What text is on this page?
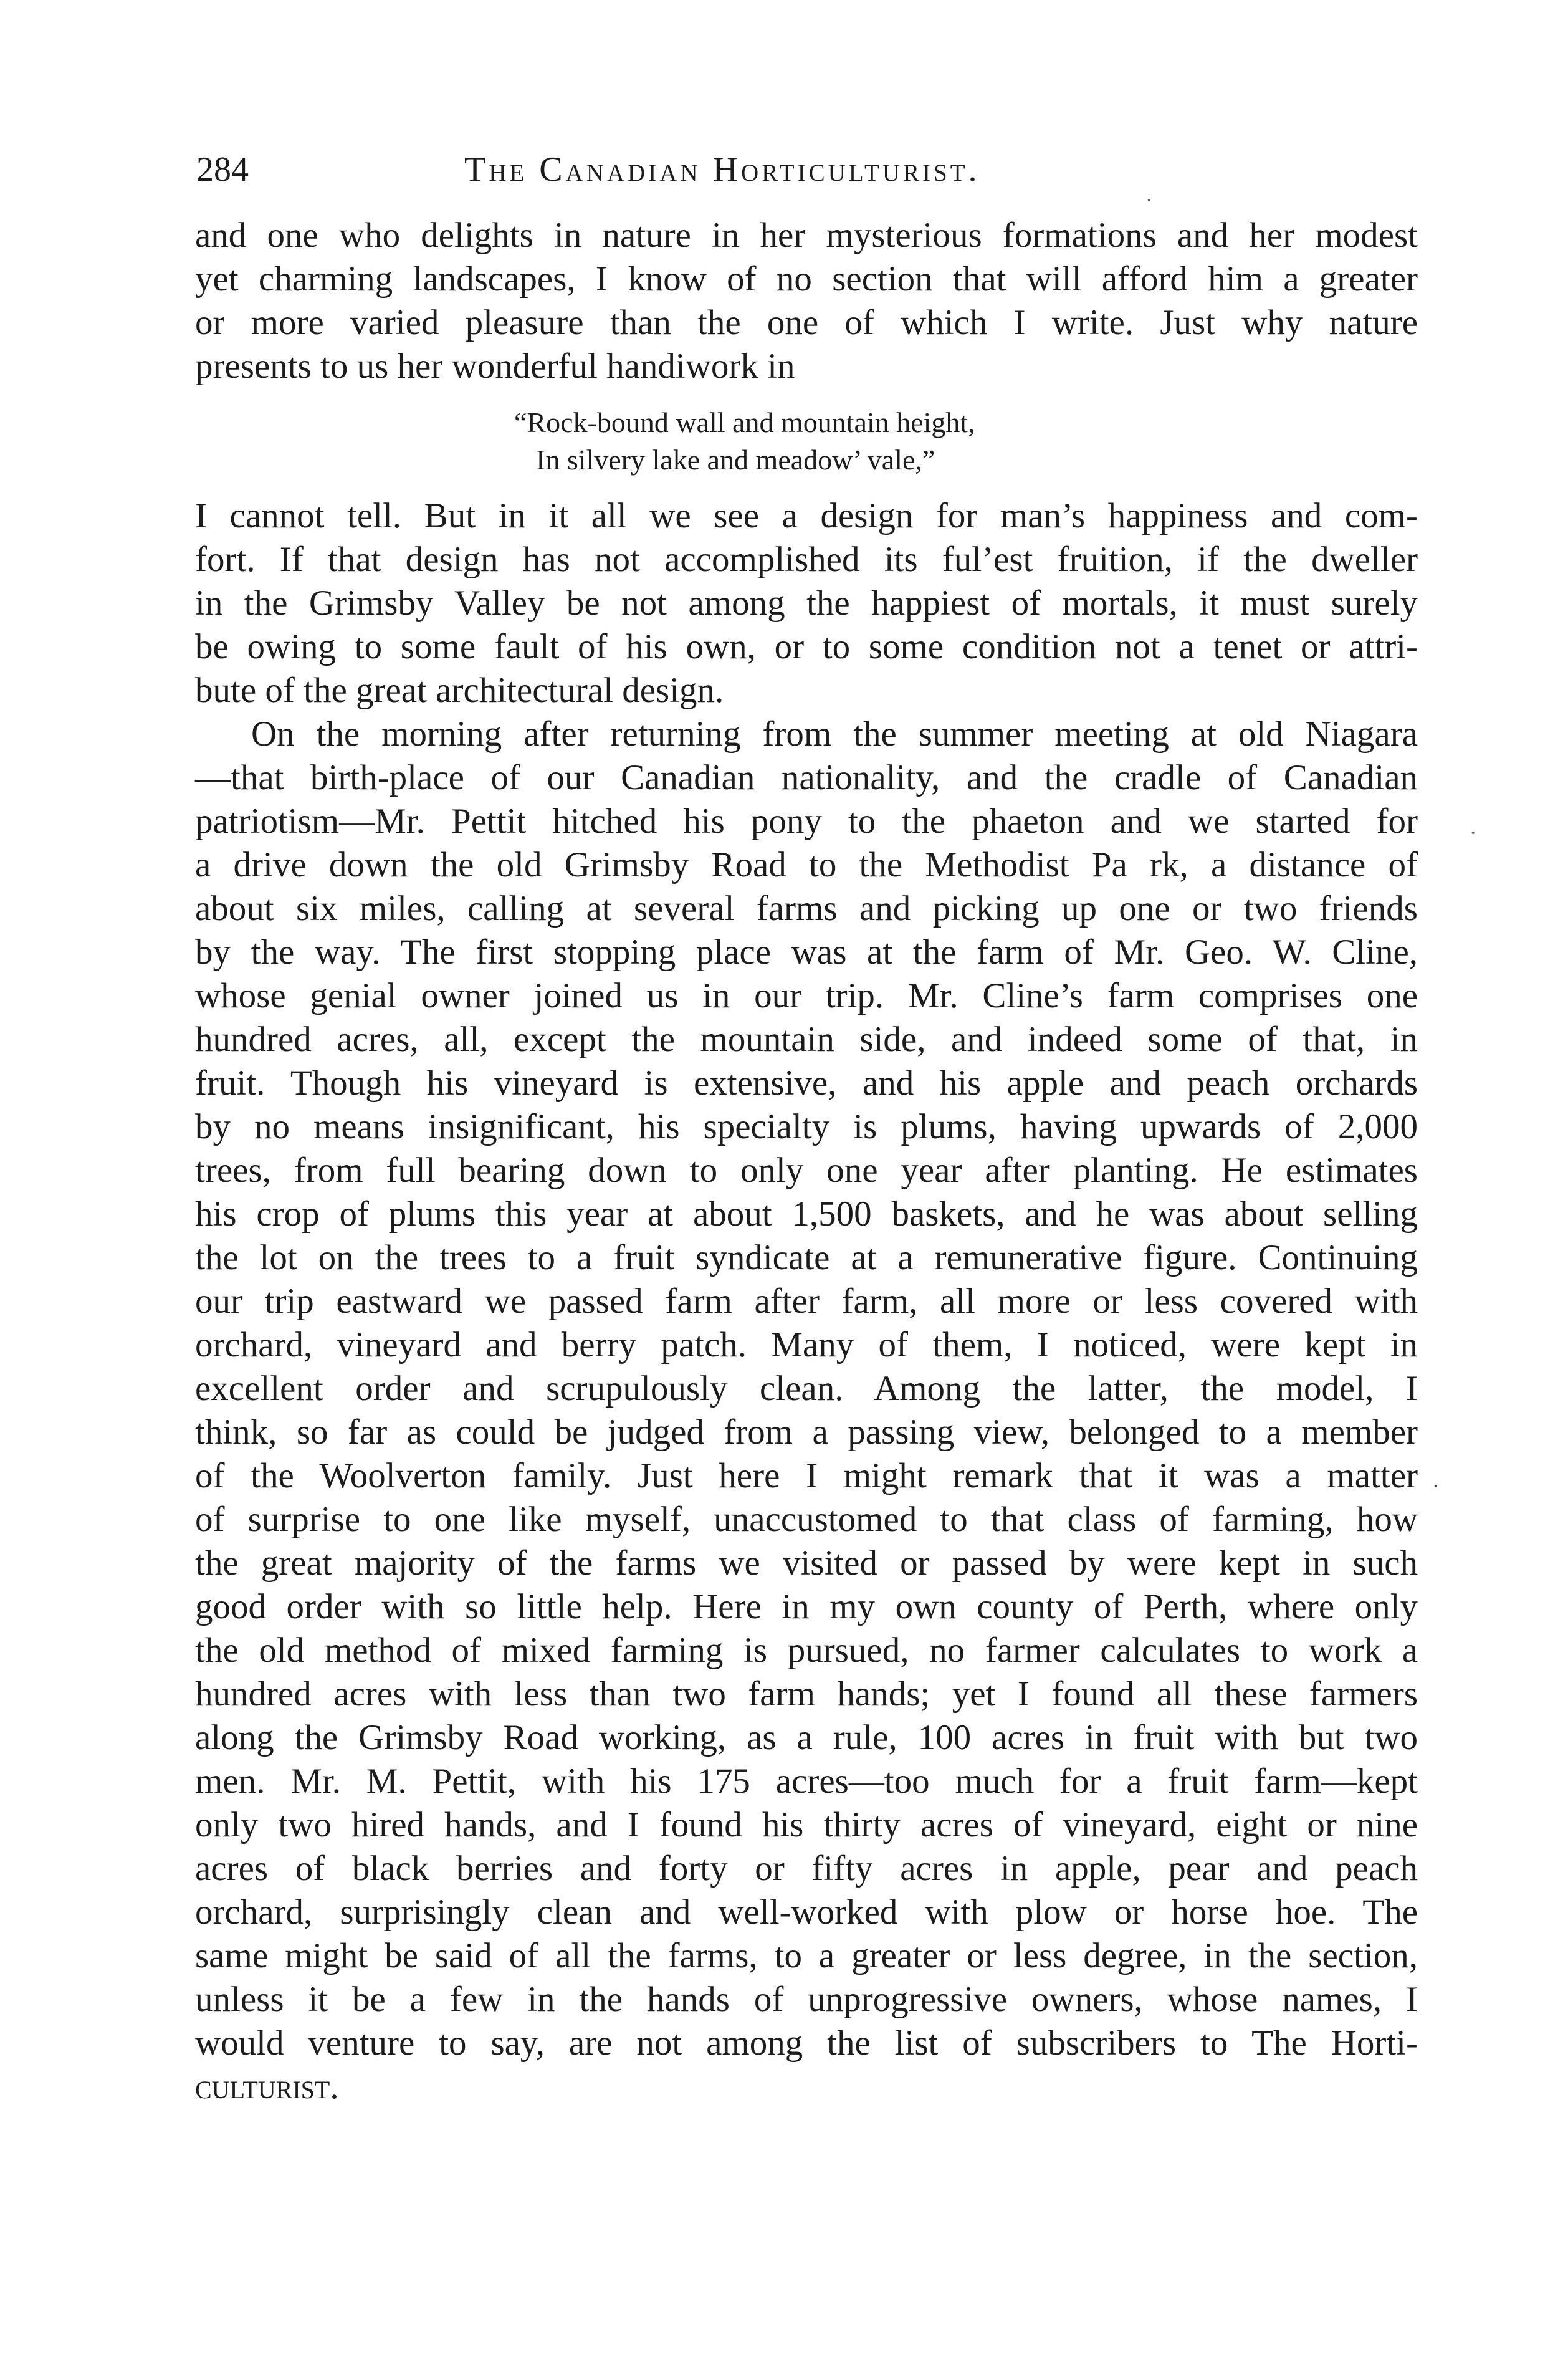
284	The Canadian Horticulturist.
and one who delights in nature in her mysterious formations and her modest
yet charming landscapes, I know of no section that will afford him a greater
or more varied pleasure than the one of which I write. Just why nature
presents to us her wonderful handiwork in
“Rock-bound wall and mountain height,
In silvery lake and meadow’ vale,”
I cannot tell. But in it all we see a design for man’s happiness and com-
fort. If that design has not accomplished its ful’est fruition, if the dweller
in the Grimsby Valley be not among the happiest of mortals, it must surely
be owing to some fault of his own, or to some condition not a tenet or attri-
bute of the great architectural design.
On the morning after returning from the summer meeting at old Niagara
—that birth-place of our Canadian nationality, and the cradle of Canadian
patriotism—Mr. Pettit hitched his pony to the phaeton and we started for
a drive down the old Grimsby Road to the Methodist Pa rk, a distance of
about six miles, calling at several farms and picking up one or two friends
by the way. The first stopping place was at the farm of Mr. Geo. W. Cline,
whose genial owner joined us in our trip. Mr. Cline’s farm comprises one
hundred acres, all, except the mountain side, and indeed some of that, in
fruit. Though his vineyard is extensive, and his apple and peach orchards
by no means insignificant, his specialty is plums, having upwards of 2,000
trees, from full bearing down to only one year after planting. He estimates
his crop of plums this year at about 1,500 baskets, and he was about selling
the lot on the trees to a fruit syndicate at a remunerative figure. Continuing
our trip eastward we passed farm after farm, all more or less covered with
orchard, vineyard and berry patch. Many of them, I noticed, were kept in
excellent order and scrupulously clean. Among the latter, the model, I
think, so far as could be judged from a passing view, belonged to a member
of the Woolverton family. Just here I might remark that it was a matter
of surprise to one like myself, unaccustomed to that class of farming, how
the great majority of the farms we visited or passed by were kept in such
good order with so little help. Here in my own county of Perth, where only
the old method of mixed farming is pursued, no farmer calculates to work a
hundred acres with less than two farm hands; yet I found all these farmers
along the Grimsby Road working, as a rule, 100 acres in fruit with but two
men. Mr. M. Pettit, with his 175 acres—too much for a fruit farm—kept
only two hired hands, and I found his thirty acres of vineyard, eight or nine
acres of black berries and forty or fifty acres in apple, pear and peach
orchard, surprisingly clean and well-worked with plow or horse hoe. The
same might be said of all the farms, to a greater or less degree, in the section,
unless it be a few in the hands of unprogressive owners, whose names, I
would venture to say, are not among the list of subscribers to The Horti-
culturist.
·
·
·
